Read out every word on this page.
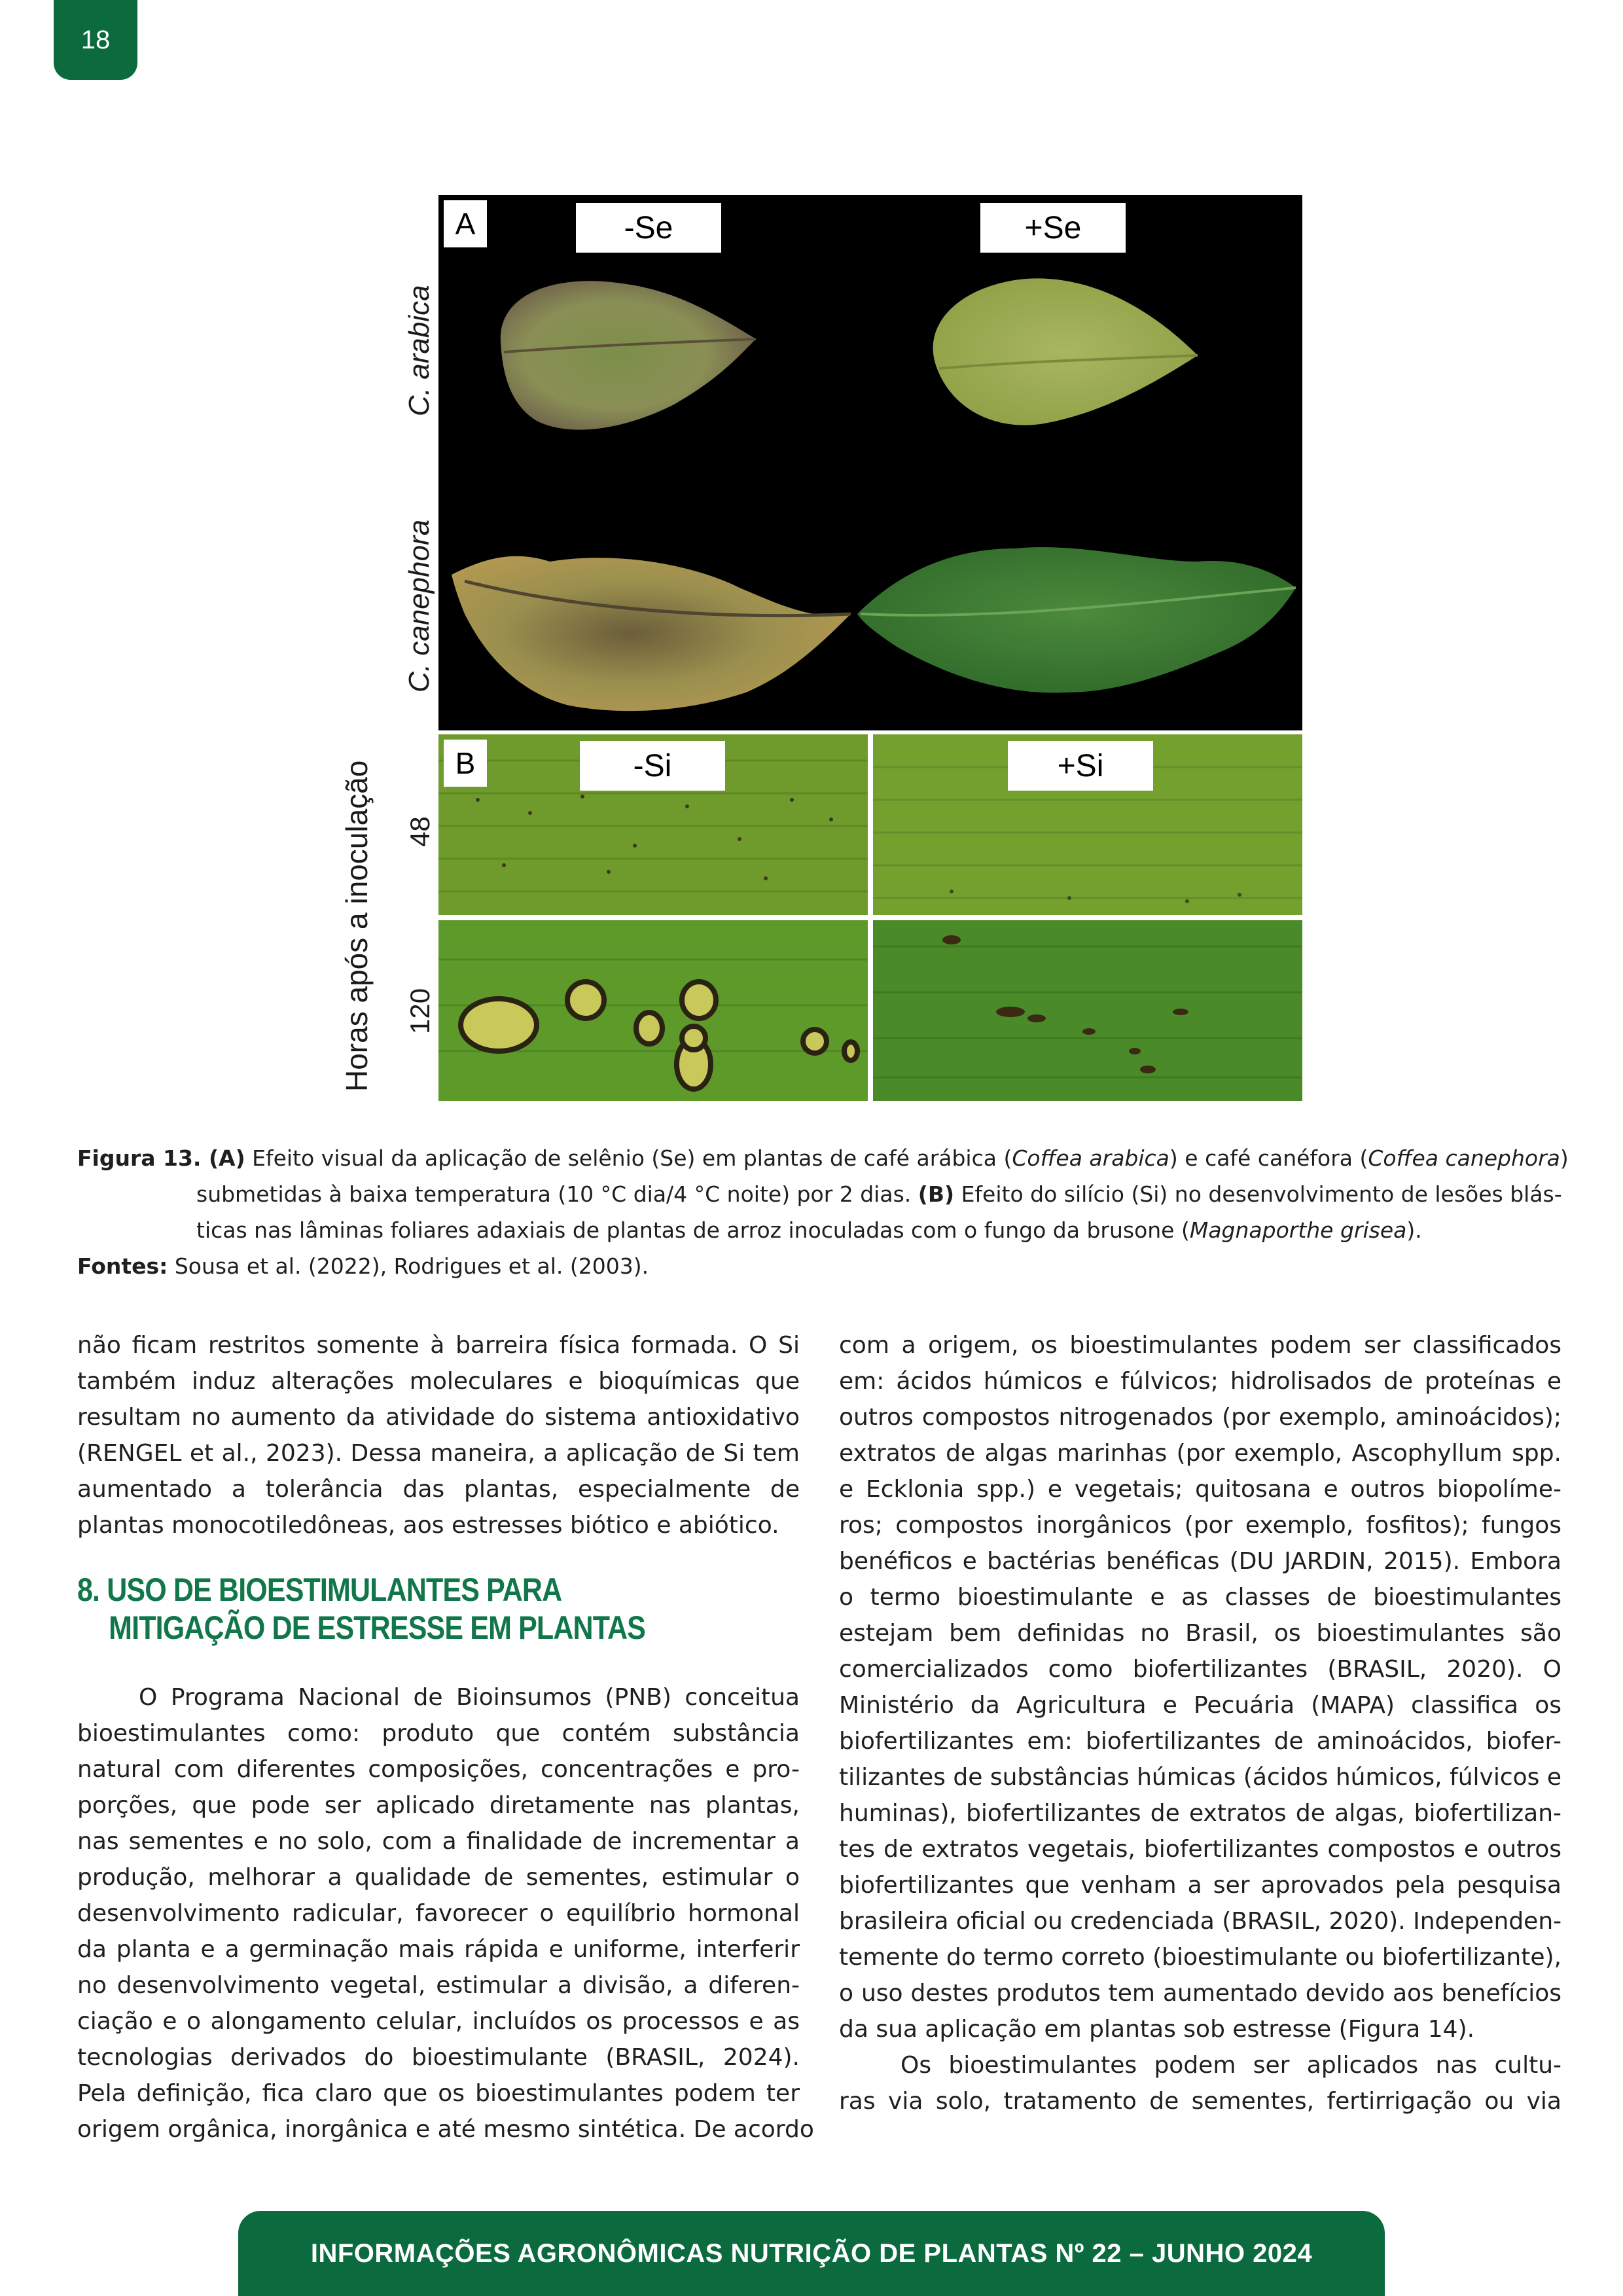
18
C. arabica
C. canephora
Horas após a inoculação 48
120
A	-Se	+Se
B	-Si	+Si
Figura 13. (A) Efeito visual da aplicação de selênio (Se) em plantas de café arábica (Coffea arabica) e café canéfora (Coffea canephora)
submetidas à baixa temperatura (10 °C dia/4 °C noite) por 2 dias. (B) Efeito do silício (Si) no desenvolvimento de lesões blás-
ticas nas lâminas foliares adaxiais de plantas de arroz inoculadas com o fungo da brusone (Magnaporthe grisea).
Fontes: Sousa et al. (2022), Rodrigues et al. (2003).
não ficam restritos somente à barreira física formada. O Si
também induz alterações moleculares e bioquímicas que
resultam no aumento da atividade do sistema antioxidativo
(RENGEL et al., 2023). Dessa maneira, a aplicação de Si tem
aumentado a tolerância das plantas, especialmente de
plantas monocotiledôneas, aos estresses biótico e abiótico.
8. USO DE BIOESTIMULANTES PARA
MITIGAÇÃO DE ESTRESSE EM PLANTAS
O Programa Nacional de Bioinsumos (PNB) conceitua
bioestimulantes como: produto que contém substância
natural com diferentes composições, concentrações e pro-
porções, que pode ser aplicado diretamente nas plantas,
nas sementes e no solo, com a finalidade de incrementar a
produção, melhorar a qualidade de sementes, estimular o
desenvolvimento radicular, favorecer o equilíbrio hormonal
da planta e a germinação mais rápida e uniforme, interferir
no desenvolvimento vegetal, estimular a divisão, a diferen-
ciação e o alongamento celular, incluídos os processos e as
tecnologias derivados do bioestimulante (BRASIL, 2024).
Pela definição, fica claro que os bioestimulantes podem ter
origem orgânica, inorgânica e até mesmo sintética. De acordo
com a origem, os bioestimulantes podem ser classificados
em: ácidos húmicos e fúlvicos; hidrolisados de proteínas e
outros compostos nitrogenados (por exemplo, aminoácidos);
extratos de algas marinhas (por exemplo, Ascophyllum spp.
e Ecklonia spp.) e vegetais; quitosana e outros biopolíme-
ros; compostos inorgânicos (por exemplo, fosfitos); fungos
benéficos e bactérias benéficas (DU JARDIN, 2015). Embora
o termo bioestimulante e as classes de bioestimulantes
estejam bem definidas no Brasil, os bioestimulantes são
comercializados como biofertilizantes (BRASIL, 2020). O
Ministério da Agricultura e Pecuária (MAPA) classifica os
biofertilizantes em: biofertilizantes de aminoácidos, biofer-
tilizantes de substâncias húmicas (ácidos húmicos, fúlvicos e
huminas), biofertilizantes de extratos de algas, biofertilizan-
tes de extratos vegetais, biofertilizantes compostos e outros
biofertilizantes que venham a ser aprovados pela pesquisa
brasileira oficial ou credenciada (BRASIL, 2020). Independen-
temente do termo correto (bioestimulante ou biofertilizante),
o uso destes produtos tem aumentado devido aos benefícios
da sua aplicação em plantas sob estresse (Figura 14).
Os bioestimulantes podem ser aplicados nas cultu-
ras via solo, tratamento de sementes, fertirrigação ou via
INFORMAÇÕES AGRONÔMICAS NUTRIÇÃO DE PLANTAS Nº 22 – JUNHO 2024
